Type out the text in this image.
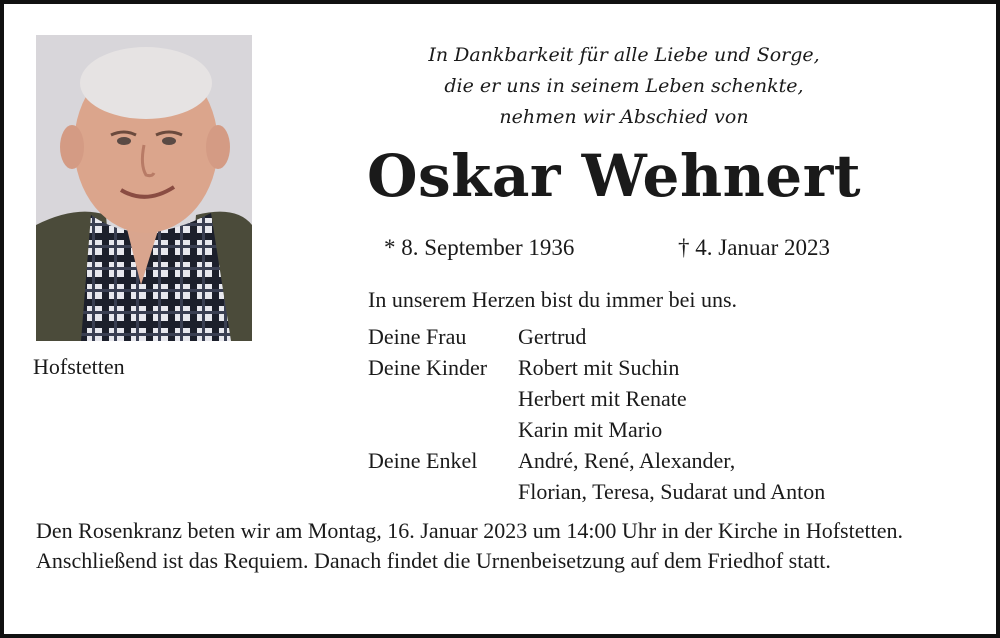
Hofstetten
In Dankbarkeit für alle Liebe und Sorge,
die er uns in seinem Leben schenkte,
nehmen wir Abschied von
Oskar Wehnert
* 8. September 1936	† 4. Januar 2023
In unserem Herzen bist du immer bei uns.
Deine Frau	Gertrud
Deine Kinder	Robert mit Suchin
Herbert mit Renate
Karin mit Mario
Deine Enkel	André, René, Alexander,
Florian, Teresa, Sudarat und Anton
Den Rosenkranz beten wir am Montag, 16. Januar 2023 um 14:00 Uhr in der Kirche in Hofstetten. Anschließend ist das Requiem. Danach findet die Urnenbeisetzung auf dem Friedhof statt.
